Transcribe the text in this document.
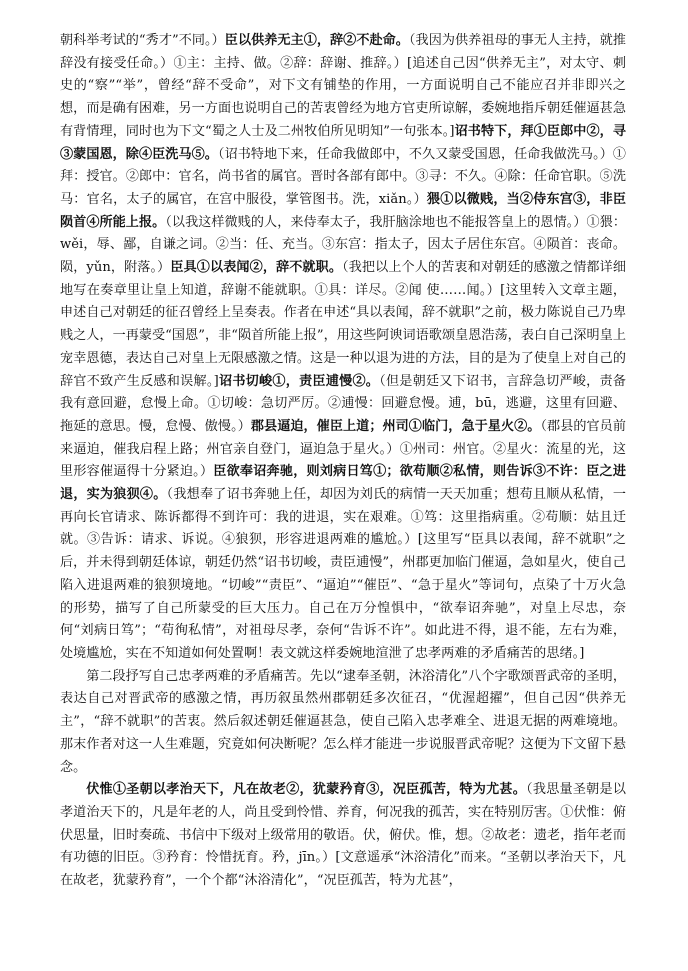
朝科举考试的“秀才”不同。）臣以供养无主①，辞②不赴命。（我因为供养祖母的事无人主持，就推辞没有接受任命。）①主：主持、做。②辞：辞谢、推辞。）[追述自己因“供养无主”，对太守、刺史的“察”“举”，曾经“辞不受命”，对下文有铺垫的作用，一方面说明自己不能应召并非即兴之想，而是确有困难，另一方面也说明自己的苦衷曾经为地方官吏所谅解，委婉地指斥朝廷催逼甚急有背情理，同时也为下文“蜀之人士及二州牧伯所见明知”一句张本。]诏书特下，拜①臣郎中②，寻③蒙国恩，除④臣洗马⑤。（诏书特地下来，任命我做郎中，不久又蒙受国恩，任命我做洗马。）①拜：授官。②郎中：官名，尚书省的属官。晋时各部有郎中。③寻：不久。④除：任命官职。⑤洗马：官名，太子的属官，在宫中服役，掌管图书。洗，xiǎn。）猥①以微贱，当②侍东宫③，非臣陨首④所能上报。（以我这样微贱的人，来侍奉太子，我肝脑涂地也不能报答皇上的恩情。）①猥：wěi，辱、鄙，自谦之词。②当：任、充当。③东宫：指太子，因太子居住东宫。④陨首：丧命。陨，yǔn，附落。）臣具①以表闻②，辞不就职。（我把以上个人的苦衷和对朝廷的感激之情都详细地写在奏章里让皇上知道，辞谢不能就职。①具：详尽。②闻 使……闻。）[这里转入文章主题，申述自己对朝廷的征召曾经上呈奏表。作者在申述“具以表闻，辞不就职”之前，极力陈说自己乃卑贱之人，一再蒙受“国恩”，非“陨首所能上报”，用这些阿谀词语歌颂皇恩浩荡，表白自己深明皇上宠幸恩德，表达自己对皇上无限感激之情。这是一种以退为进的方法，目的是为了使皇上对自己的辞官不致产生反感和误解。]诏书切峻①，责臣逋慢②。（但是朝廷又下诏书，言辞急切严峻，责备我有意回避，怠慢上命。①切峻：急切严厉。②逋慢：回避怠慢。逋，bū，逃避，这里有回避、拖延的意思。慢，怠慢、傲慢。）郡县逼迫，催臣上道；州司①临门，急于星火②。（郡县的官员前来逼迫，催我启程上路；州官亲自登门，逼迫急于星火。）①州司：州官。②星火：流星的光，这里形容催逼得十分紧迫。）臣欲奉诏奔驰，则刘病日笃①；欲苟顺②私情，则告诉③不许：臣之进退，实为狼狈④。（我想奉了诏书奔驰上任，却因为刘氏的病情一天天加重；想苟且顺从私情，一再向长官请求、陈诉都得不到许可：我的进退，实在艰难。①笃：这里指病重。②苟顺：姑且迁就。③告诉：请求、诉说。④狼狈，形容进退两难的尴尬。）[这里写“臣具以表闻，辞不就职”之后，并未得到朝廷体谅，朝廷仍然“诏书切峻，责臣逋慢”，州郡更加临门催逼，急如星火，使自己陷入进退两难的狼狈境地。“切峻”“责臣”、“逼迫”“催臣”、“急于星火”等词句，点染了十万火急的形势，描写了自己所蒙受的巨大压力。自己在万分惶惧中，“欲奉诏奔驰”，对皇上尽忠，奈何“刘病日笃”；“苟徇私情”，对祖母尽孝，奈何“告诉不许”。如此进不得，退不能，左右为难，处境尴尬，实在不知道如何处置啊！表文就这样委婉地渲泄了忠孝两难的矛盾痛苦的思绪。]

第二段抒写自己忠孝两难的矛盾痛苦。先以“逮奉圣朝，沐浴清化”八个字歌颂晋武帝的圣明，表达自己对晋武帝的感激之情，再历叙虽然州郡朝廷多次征召，“优渥超擢”，但自己因“供养无主”，“辞不就职”的苦衷。然后叙述朝廷催逼甚急，使自己陷入忠孝难全、进退无据的两难境地。那末作者对这一人生难题，究竟如何决断呢？怎么样才能进一步说服晋武帝呢？这便为下文留下悬念。

伏惟①圣朝以孝治天下，凡在故老②，犹蒙矜育③，况臣孤苦，特为尤甚。（我思量圣朝是以孝道治天下的，凡是年老的人，尚且受到怜惜、养育，何况我的孤苦，实在特别厉害。①伏惟：俯伏思量，旧时奏疏、书信中下级对上级常用的敬语。伏，俯伏。惟，想。②故老：遗老，指年老而有功德的旧臣。③矜育：怜惜抚育。矜，jīn。）[文意遥承“沐浴清化”而来。“圣朝以孝治天下，凡在故老，犹蒙矜育”，一个个都“沐浴清化”，“况臣孤苦，特为尤甚”，
